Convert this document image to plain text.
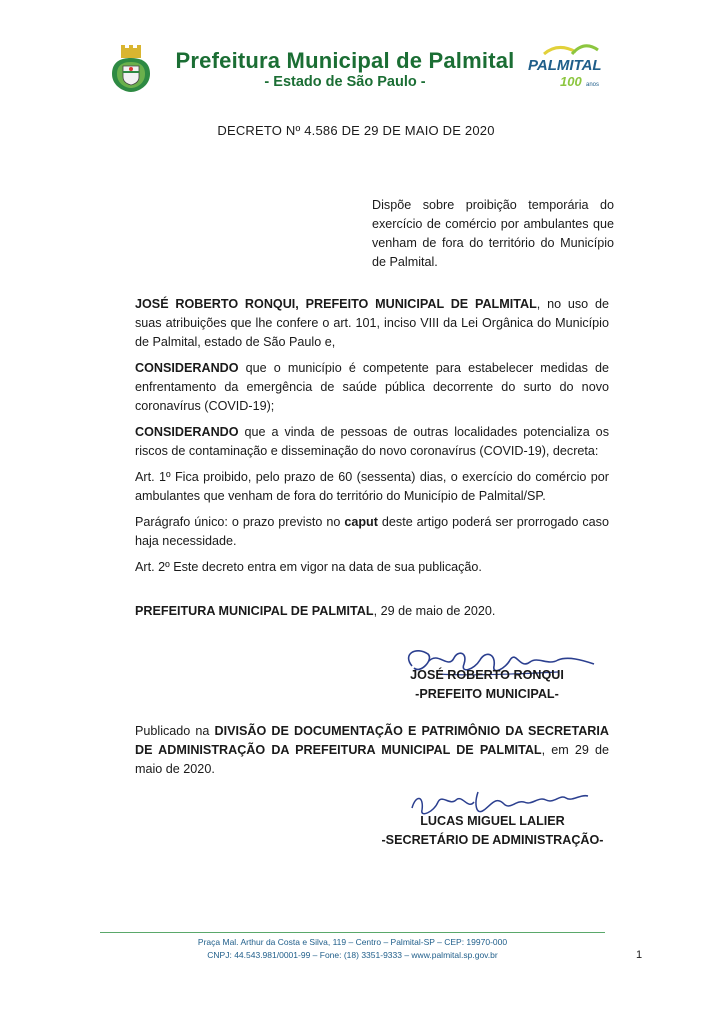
Prefeitura Municipal de Palmital
- Estado de São Paulo -
PALMITAL
100 anos
DECRETO Nº 4.586 DE 29 DE MAIO DE 2020
Dispõe sobre proibição temporária do exercício de comércio por ambulantes que venham de fora do território do Município de Palmital.

JOSÉ ROBERTO RONQUI, PREFEITO MUNICIPAL DE PALMITAL, no uso de suas atribuições que lhe confere o art. 101, inciso VIII da Lei Orgânica do Município de Palmital, estado de São Paulo e,

CONSIDERANDO que o município é competente para estabelecer medidas de enfrentamento da emergência de saúde pública decorrente do surto do novo coronavírus (COVID-19);

CONSIDERANDO que a vinda de pessoas de outras localidades potencializa os riscos de contaminação e disseminação do novo coronavírus (COVID-19), decreta:

Art. 1º Fica proibido, pelo prazo de 60 (sessenta) dias, o exercício do comércio por ambulantes que venham de fora do território do Município de Palmital/SP.

Parágrafo único: o prazo previsto no caput deste artigo poderá ser prorrogado caso haja necessidade.

Art. 2º Este decreto entra em vigor na data de sua publicação.

PREFEITURA MUNICIPAL DE PALMITAL, 29 de maio de 2020.

JOSÉ ROBERTO RONQUI
-PREFEITO MUNICIPAL-

Publicado na DIVISÃO DE DOCUMENTAÇÃO E PATRIMÔNIO DA SECRETARIA DE ADMINISTRAÇÃO DA PREFEITURA MUNICIPAL DE PALMITAL, em 29 de maio de 2020.

LUCAS MIGUEL LALIER
-SECRETÁRIO DE ADMINISTRAÇÃO-
Praça Mal. Arthur da Costa e Silva, 119 – Centro – Palmital-SP – CEP: 19970-000
CNPJ: 44.543.981/0001-99 – Fone: (18) 3351-9333 – www.palmital.sp.gov.br	1
